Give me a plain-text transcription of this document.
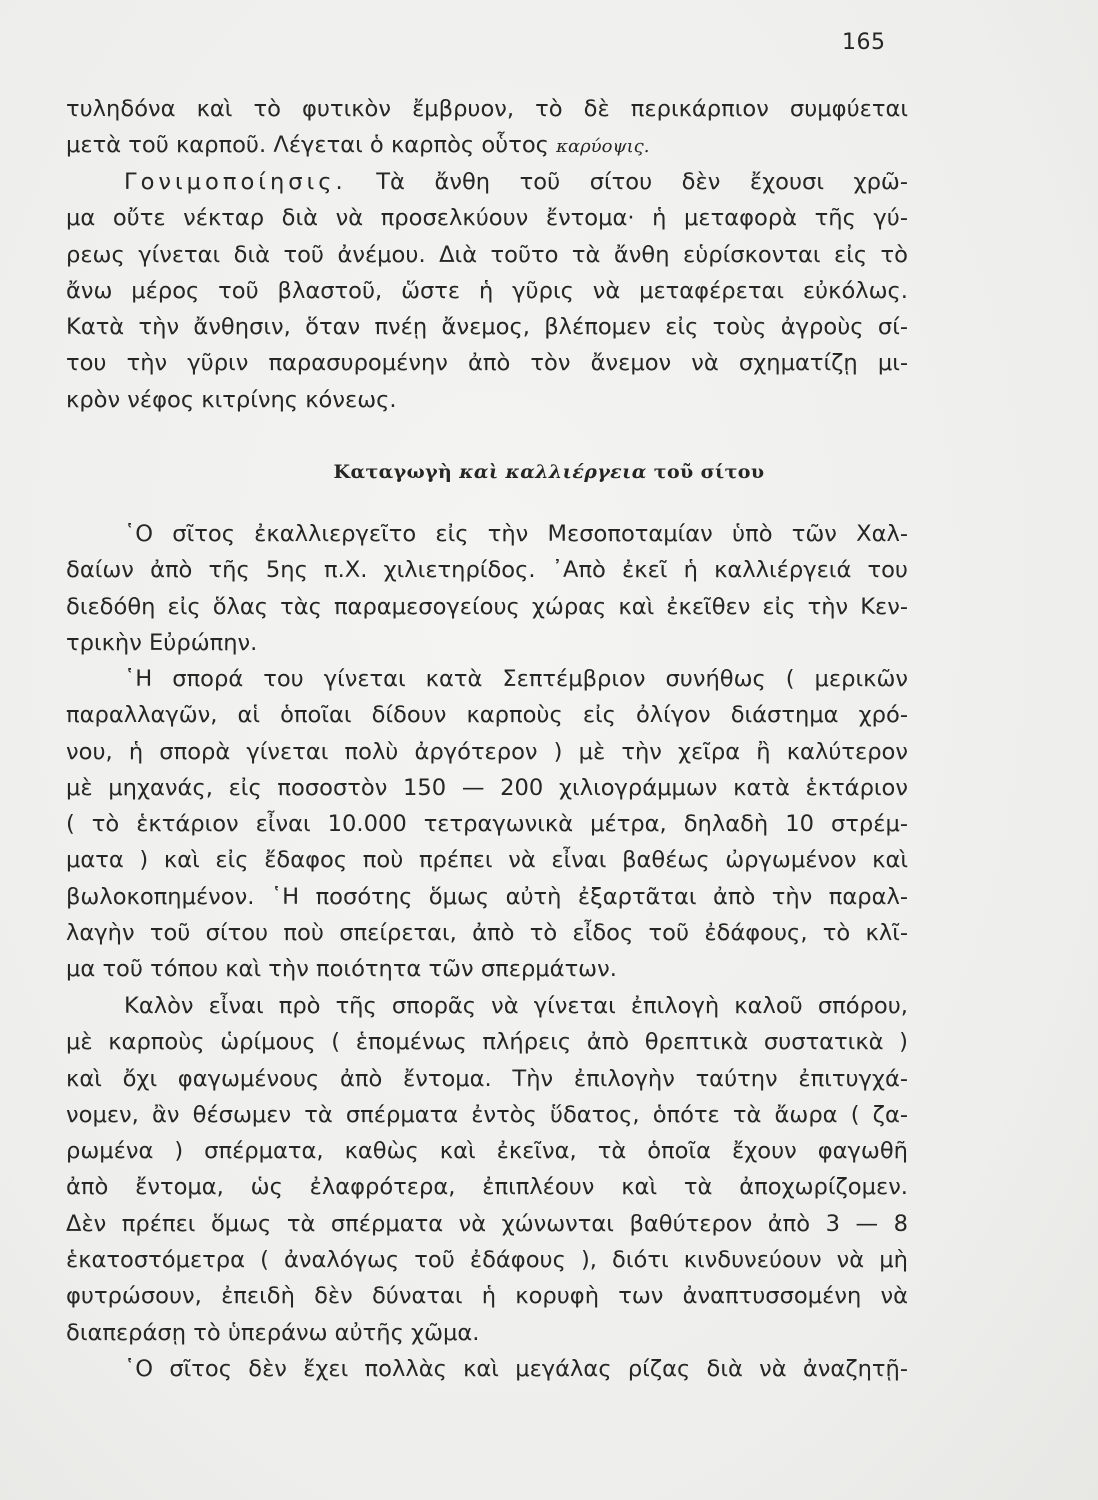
165
τυληδόνα καὶ τὸ φυτικὸν ἔμβρυον, τὸ δὲ περικάρπιον συμφύεται
μετὰ τοῦ καρποῦ. Λέγεται ὁ καρπὸς οὗτος καρύοψις.
Γονιμοποίησις. Τὰ ἄνθη τοῦ σίτου δὲν ἔχουσι χρῶ-
μα οὔτε νέκταρ διὰ νὰ προσελκύουν ἔντομα· ἡ μεταφορὰ τῆς γύ-
ρεως γίνεται διὰ τοῦ ἀνέμου. Διὰ τοῦτο τὰ ἄνθη εὑρίσκονται εἰς τὸ
ἄνω μέρος τοῦ βλαστοῦ, ὥστε ἡ γῦρις νὰ μεταφέρεται εὐκόλως.
Κατὰ τὴν ἄνθησιν, ὅταν πνέῃ ἄνεμος, βλέπομεν εἰς τοὺς ἀγροὺς σί-
του τὴν γῦριν παρασυρομένην ἀπὸ τὸν ἄνεμον νὰ σχηματίζῃ μι-
κρὸν νέφος κιτρίνης κόνεως.
Καταγωγὴ καὶ καλλιέργεια τοῦ σίτου
῾Ο σῖτος ἐκαλλιεργεῖτο εἰς τὴν Μεσοποταμίαν ὑπὸ τῶν Χαλ-
δαίων ἀπὸ τῆς 5ης π.Χ. χιλιετηρίδος. ᾿Απὸ ἐκεῖ ἡ καλλιέργειά του
διεδόθη εἰς ὅλας τὰς παραμεσογείους χώρας καὶ ἐκεῖθεν εἰς τὴν Κεν-
τρικὴν Εὐρώπην.
῾Η σπορά του γίνεται κατὰ Σεπτέμβριον συνήθως ( μερικῶν
παραλλαγῶν, αἱ ὁποῖαι δίδουν καρποὺς εἰς ὀλίγον διάστημα χρό-
νου, ἡ σπορὰ γίνεται πολὺ ἀργότερον ) μὲ τὴν χεῖρα ἢ καλύτερον
μὲ μηχανάς, εἰς ποσοστὸν 150 — 200 χιλιογράμμων κατὰ ἑκτάριον
( τὸ ἑκτάριον εἶναι 10.000 τετραγωνικὰ μέτρα, δηλαδὴ 10 στρέμ-
ματα ) καὶ εἰς ἔδαφος ποὺ πρέπει νὰ εἶναι βαθέως ὠργωμένον καὶ
βωλοκοπημένον. ῾Η ποσότης ὅμως αὐτὴ ἐξαρτᾶται ἀπὸ τὴν παραλ-
λαγὴν τοῦ σίτου ποὺ σπείρεται, ἀπὸ τὸ εἶδος τοῦ ἐδάφους, τὸ κλῖ-
μα τοῦ τόπου καὶ τὴν ποιότητα τῶν σπερμάτων.
Καλὸν εἶναι πρὸ τῆς σπορᾶς νὰ γίνεται ἐπιλογὴ καλοῦ σπόρου,
μὲ καρποὺς ὡρίμους ( ἑπομένως πλήρεις ἀπὸ θρεπτικὰ συστατικὰ )
καὶ ὄχι φαγωμένους ἀπὸ ἔντομα. Τὴν ἐπιλογὴν ταύτην ἐπιτυγχά-
νομεν, ἂν θέσωμεν τὰ σπέρματα ἐντὸς ὕδατος, ὁπότε τὰ ἄωρα ( ζα-
ρωμένα ) σπέρματα, καθὼς καὶ ἐκεῖνα, τὰ ὁποῖα ἔχουν φαγωθῆ
ἀπὸ ἔντομα, ὡς ἐλαφρότερα, ἐπιπλέουν καὶ τὰ ἀποχωρίζομεν.
Δὲν πρέπει ὅμως τὰ σπέρματα νὰ χώνωνται βαθύτερον ἀπὸ 3 — 8
ἑκατοστόμετρα ( ἀναλόγως τοῦ ἐδάφους ), διότι κινδυνεύουν νὰ μὴ
φυτρώσουν, ἐπειδὴ δὲν δύναται ἡ κορυφὴ των ἀναπτυσσομένη νὰ
διαπεράσῃ τὸ ὑπεράνω αὐτῆς χῶμα.
῾Ο σῖτος δὲν ἔχει πολλὰς καὶ μεγάλας ρίζας διὰ νὰ ἀναζητῇ-
